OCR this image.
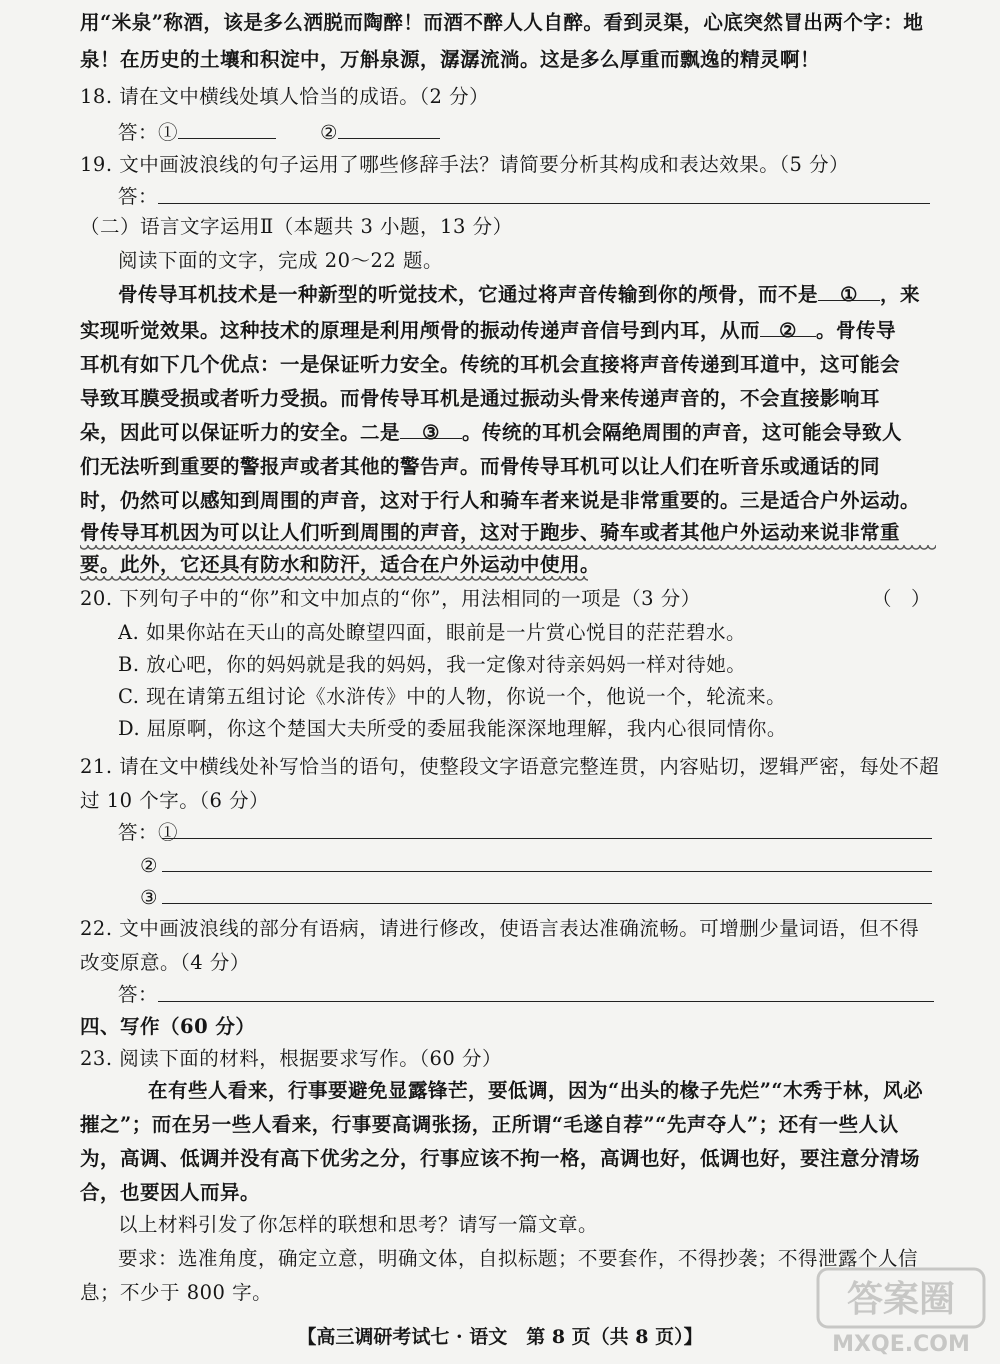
用“米泉”称酒，该是多么洒脱而陶醉！而酒不醉人人自醉。看到灵渠，心底突然冒出两个字：地
泉！在历史的土壤和积淀中，万斛泉源，潺潺流淌。这是多么厚重而飘逸的精灵啊！
18. 请在文中横线处填人恰当的成语。（2 分）
答：①	②
19. 文中画波浪线的句子运用了哪些修辞手法？请简要分析其构成和表达效果。（5 分）
答：
（二）语言文字运用Ⅱ（本题共 3 小题，13 分）
阅读下面的文字，完成 20～22 题。
骨传导耳机技术是一种新型的听觉技术，它通过将声音传输到你的颅骨，而不是 ① ，来
实现听觉效果。这种技术的原理是利用颅骨的振动传递声音信号到内耳，从而 ② 。骨传导
耳机有如下几个优点：一是保证听力安全。传统的耳机会直接将声音传递到耳道中，这可能会
导致耳膜受损或者听力受损。而骨传导耳机是通过振动头骨来传递声音的，不会直接影响耳
朵，因此可以保证听力的安全。二是 ③ 。传统的耳机会隔绝周围的声音，这可能会导致人
们无法听到重要的警报声或者其他的警告声。而骨传导耳机可以让人们在听音乐或通话的同
时，仍然可以感知到周围的声音，这对于行人和骑车者来说是非常重要的。三是适合户外运动。
骨传导耳机因为可以让人们听到周围的声音，这对于跑步、骑车或者其他户外运动来说非常重
要。此外，它还具有防水和防汗，适合在户外运动中使用。
20. 下列句子中的“你”和文中加点的“你”，用法相同的一项是（3 分）	（　）
A. 如果你站在天山的高处瞭望四面，眼前是一片赏心悦目的茫茫碧水。
B. 放心吧，你的妈妈就是我的妈妈，我一定像对待亲妈妈一样对待她。
C. 现在请第五组讨论《水浒传》中的人物，你说一个，他说一个，轮流来。
D. 屈原啊，你这个楚国大夫所受的委屈我能深深地理解，我内心很同情你。
21. 请在文中横线处补写恰当的语句，使整段文字语意完整连贯，内容贴切，逻辑严密，每处不超
过 10 个字。（6 分）
答：①
②
③
22. 文中画波浪线的部分有语病，请进行修改，使语言表达准确流畅。可增删少量词语，但不得
改变原意。（4 分）
答：
四、写作（60 分）
23. 阅读下面的材料，根据要求写作。（60 分）
在有些人看来，行事要避免显露锋芒，要低调，因为“出头的椽子先烂”“木秀于林，风必
摧之”；而在另一些人看来，行事要高调张扬，正所谓“毛遂自荐”“先声夺人”；还有一些人认
为，高调、低调并没有高下优劣之分，行事应该不拘一格，高调也好，低调也好，要注意分清场
合，也要因人而异。
以上材料引发了你怎样的联想和思考？请写一篇文章。
要求：选准角度，确定立意，明确文体，自拟标题；不要套作，不得抄袭；不得泄露个人信
息；不少于 800 字。
【高三调研考试七 · 语文　第 8 页（共 8 页）】
答案圈
MXQE.COM
